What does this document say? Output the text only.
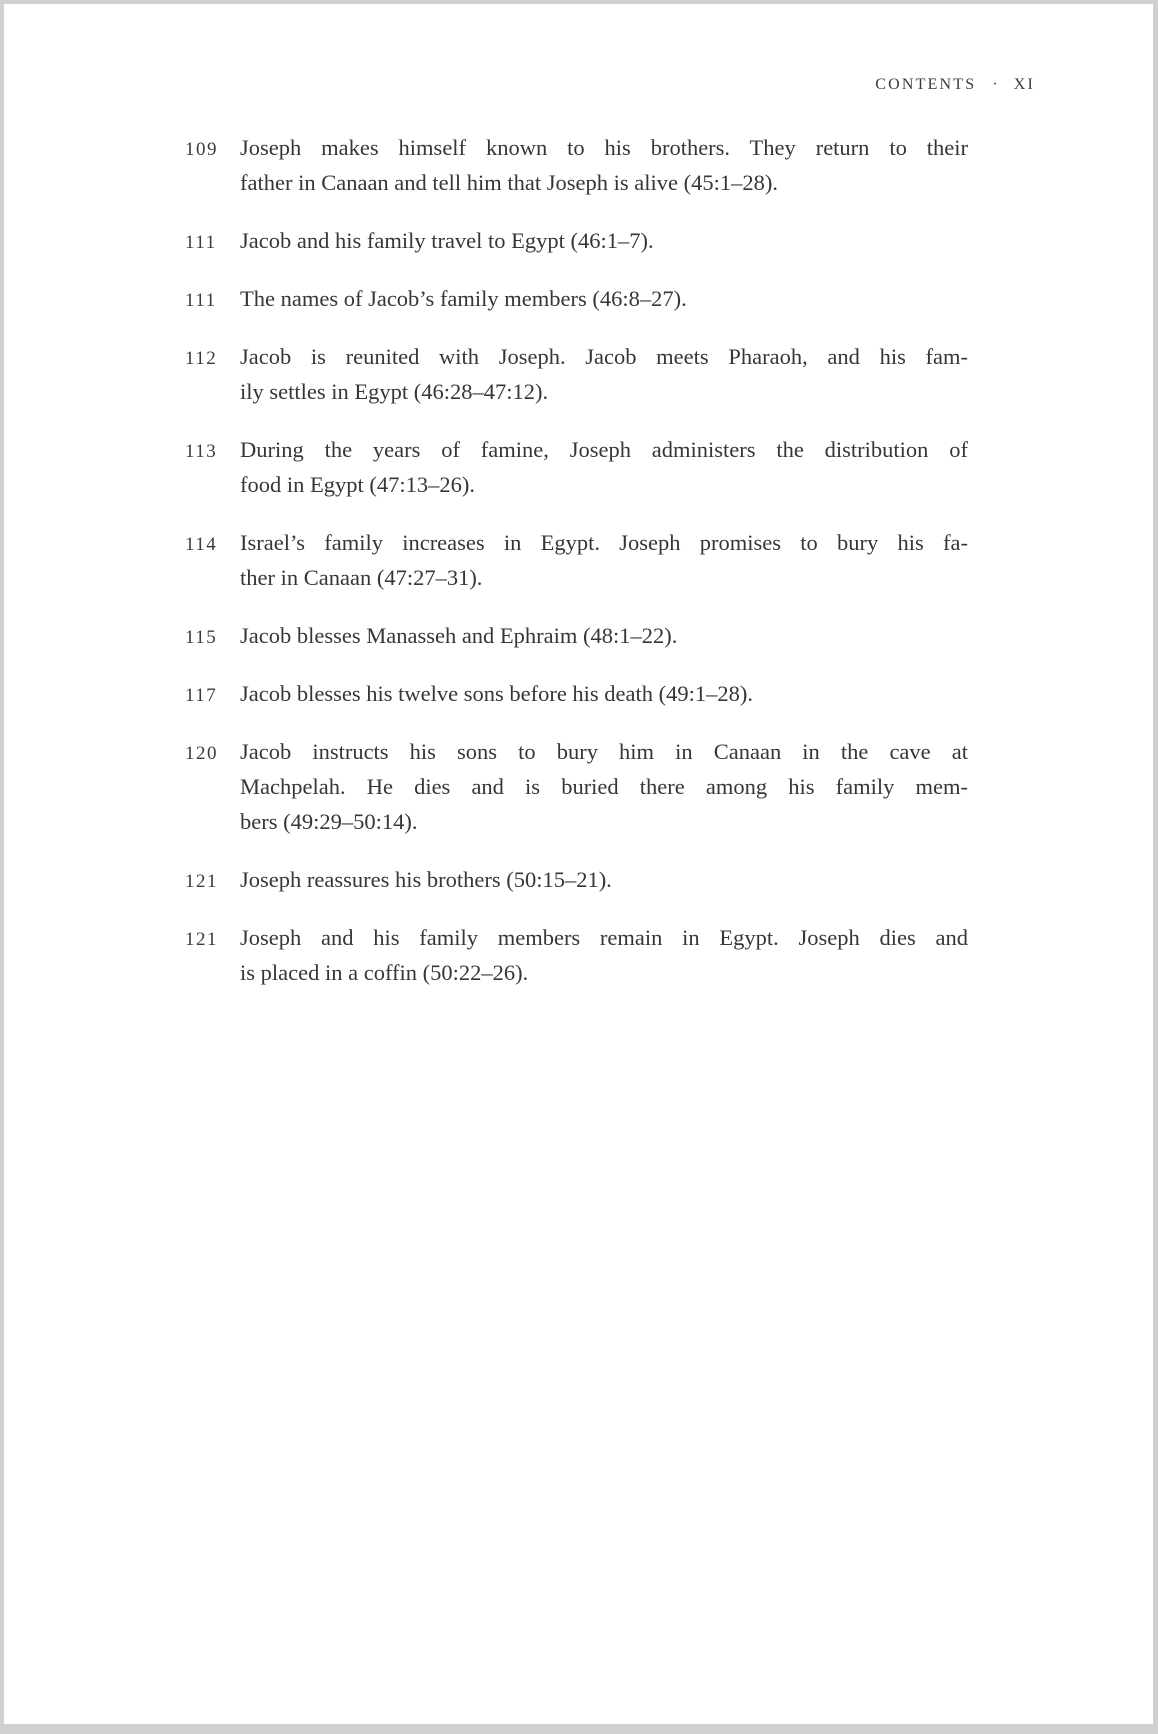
CONTENTS · XI
109 Joseph makes himself known to his brothers. They return to their
father in Canaan and tell him that Joseph is alive (45:1–28).
111	Jacob and his family travel to Egypt (46:1–7).
111	The names of Jacob’s family members (46:8–27).
112	Jacob is reunited with Joseph. Jacob meets Pharaoh, and his fam-
ily settles in Egypt (46:28–47:12).
113	During the years of famine, Joseph administers the distribution of
food in Egypt (47:13–26).
114	Israel’s family increases in Egypt. Joseph promises to bury his fa-
ther in Canaan (47:27–31).
115	Jacob blesses Manasseh and Ephraim (48:1–22).
117	Jacob blesses his twelve sons before his death (49:1–28).
120 Jacob instructs his sons to bury him in Canaan in the cave at
Machpelah. He dies and is buried there among his family mem-
bers (49:29–50:14).
121 Joseph reassures his brothers (50:15–21).
121 Joseph and his family members remain in Egypt. Joseph dies and
is placed in a coffin (50:22–26).
